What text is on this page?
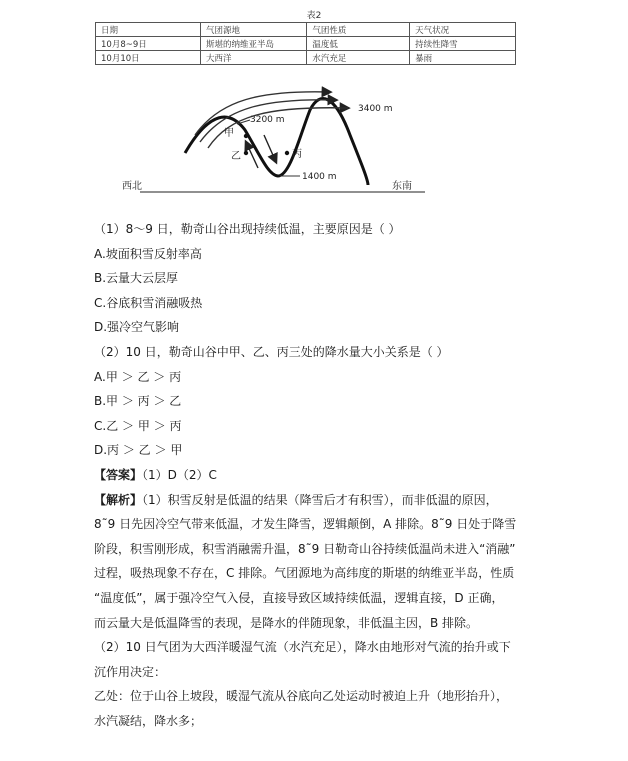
表2
日期	气团源地	气团性质	天气状况
10月8~9日	斯堪的纳维亚半岛	温度低	持续性降雪
10月10日	大西洋	水汽充足	暴雨
3400 m
3200 m
1400 m
甲
乙	丙
西北	东南
（1）8～9 日，勒奇山谷出现持续低温，主要原因是（ ）
A.坡面积雪反射率高
B.云量大云层厚
C.谷底积雪消融吸热
D.强冷空气影响
（2）10 日，勒奇山谷中甲、乙、丙三处的降水量大小关系是（ ）
A.甲 ＞ 乙 ＞ 丙
B.甲 ＞ 丙 ＞ 乙
C.乙 ＞ 甲 ＞ 丙
D.丙 ＞ 乙 ＞ 甲
【答案】（1）D（2）C
【解析】（1）积雪反射是低温的结果（降雪后才有积雪），而非低温的原因，
8˜9 日先因冷空气带来低温，才发生降雪，逻辑颠倒，A 排除。8˜9 日处于降雪
阶段，积雪刚形成，积雪消融需升温，8˜9 日勒奇山谷持续低温尚未进入“消融”
过程，吸热现象不存在，C 排除。气团源地为高纬度的斯堪的纳维亚半岛，性质
“温度低”，属于强冷空气入侵，直接导致区域持续低温，逻辑直接，D 正确，
而云量大是低温降雪的表现，是降水的伴随现象，非低温主因，B 排除。
（2）10 日气团为大西洋暖湿气流（水汽充足），降水由地形对气流的抬升或下
沉作用决定：
乙处：位于山谷上坡段，暖湿气流从谷底向乙处运动时被迫上升（地形抬升），
水汽凝结，降水多；
